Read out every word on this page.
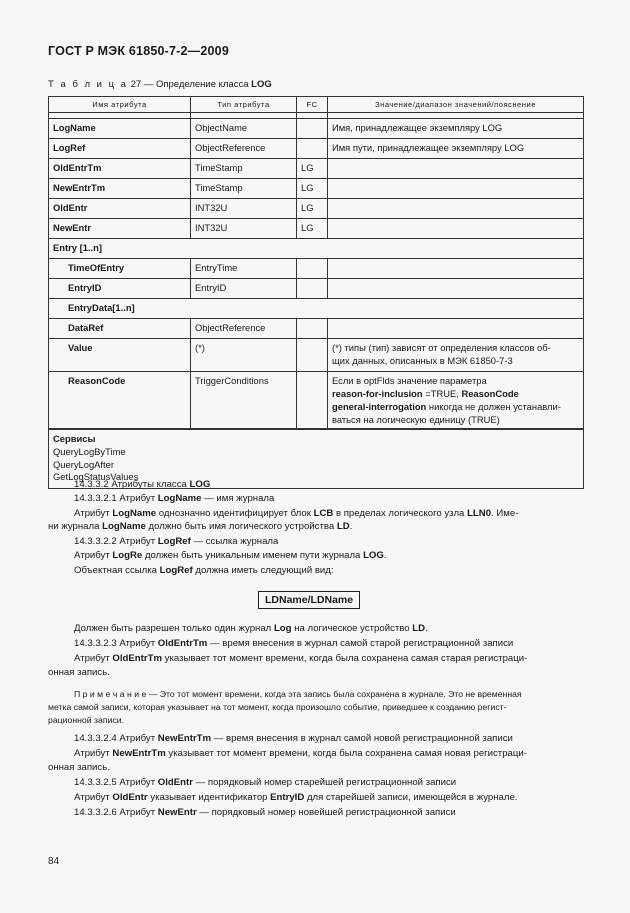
ГОСТ Р МЭК 61850-7-2—2009
Т а б л и ц а 27 — Определение класса LOG
Имя атрибута	Тип атрибута	FC	Значение/диапазон значений/пояснение

LogName	ObjectName		Имя, принадлежащее экземпляру LOG
LogRef	ObjectReference		Имя пути, принадлежащее экземпляру LOG
OldEntrTm	TimeStamp	LG	
NewEntrTm	TimeStamp	LG	
OldEntr	INT32U	LG	
NewEntr	INT32U	LG	
Entry [1..n]			
TimeOfEntry	EntryTime		
EntryID	EntryID		
EntryData[1..n]			
DataRef	ObjectReference		
Value	(*)		(*) типы (тип) зависят от определения классов об-
щих данных, описанных в МЭК 61850-7-3

ReasonCode	TriggerConditions		Если в optFlds значение параметра
reason-for-inclusion =TRUE, ReasonCode
general-interrogation никогда не должен устанавли-
ваться на логическую единицу (TRUE)

Сервисы
QueryLogByTime
QueryLogAfter
GetLogStatusValues			
14.3.3.2 Атрибуты класса LOG
14.3.3.2.1 Атрибут LogName — имя журнала
Атрибут LogName однозначно идентифицирует блок LCB в пределах логического узла LLN0. Име-
ни журнала LogName должно быть имя логического устройства LD.
14.3.3.2.2 Атрибут LogRef — ссылка журнала
Атрибут LogRe должен быть уникальным именем пути журнала LOG.
Объектная ссылка LogRef должна иметь следующий вид:
LDName/LDName
Должен быть разрешен только один журнал Log на логическое устройство LD.
14.3.3.2.3 Атрибут OldEntrTm — время внесения в журнал самой старой регистрационной записи
Атрибут OldEntrTm указывает тот момент времени, когда была сохранена самая старая регистраци-
онная запись.
П р и м е ч а н и е — Это тот момент времени, когда эта запись была сохранена в журнале. Это не временная
метка самой записи, которая указывает на тот момент, когда произошло событие, приведшее к созданию регист-
рационной записи.
14.3.3.2.4 Атрибут NewEntrTm — время внесения в журнал самой новой регистрационной записи
Атрибут NewEntrTm указывает тот момент времени, когда была сохранена самая новая регистраци-
онная запись.
14.3.3.2.5 Атрибут OldEntr — порядковый номер старейшей регистрационной записи
Атрибут OldEntr указывает идентификатор EntryID для старейшей записи, имеющейся в журнале.
14.3.3.2.6 Атрибут NewEntr — порядковый номер новейшей регистрационной записи
84
